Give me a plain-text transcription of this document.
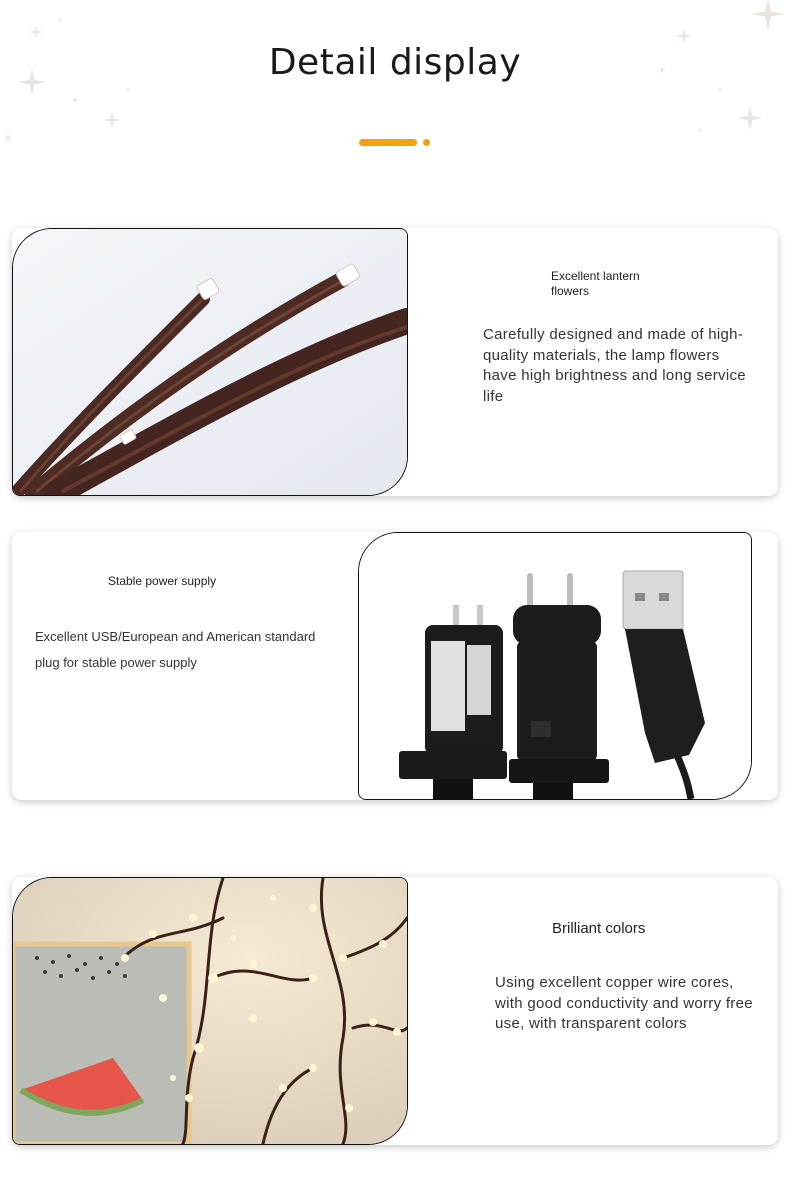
Detail display
Excellent lantern flowers
Carefully designed and made of high-quality materials, the lamp flowers have high brightness and long service life
Stable power supply
Excellent USB/European and American standard plug for stable power supply
Brilliant colors
Using excellent copper wire cores, with good conductivity and worry free use, with transparent colors
